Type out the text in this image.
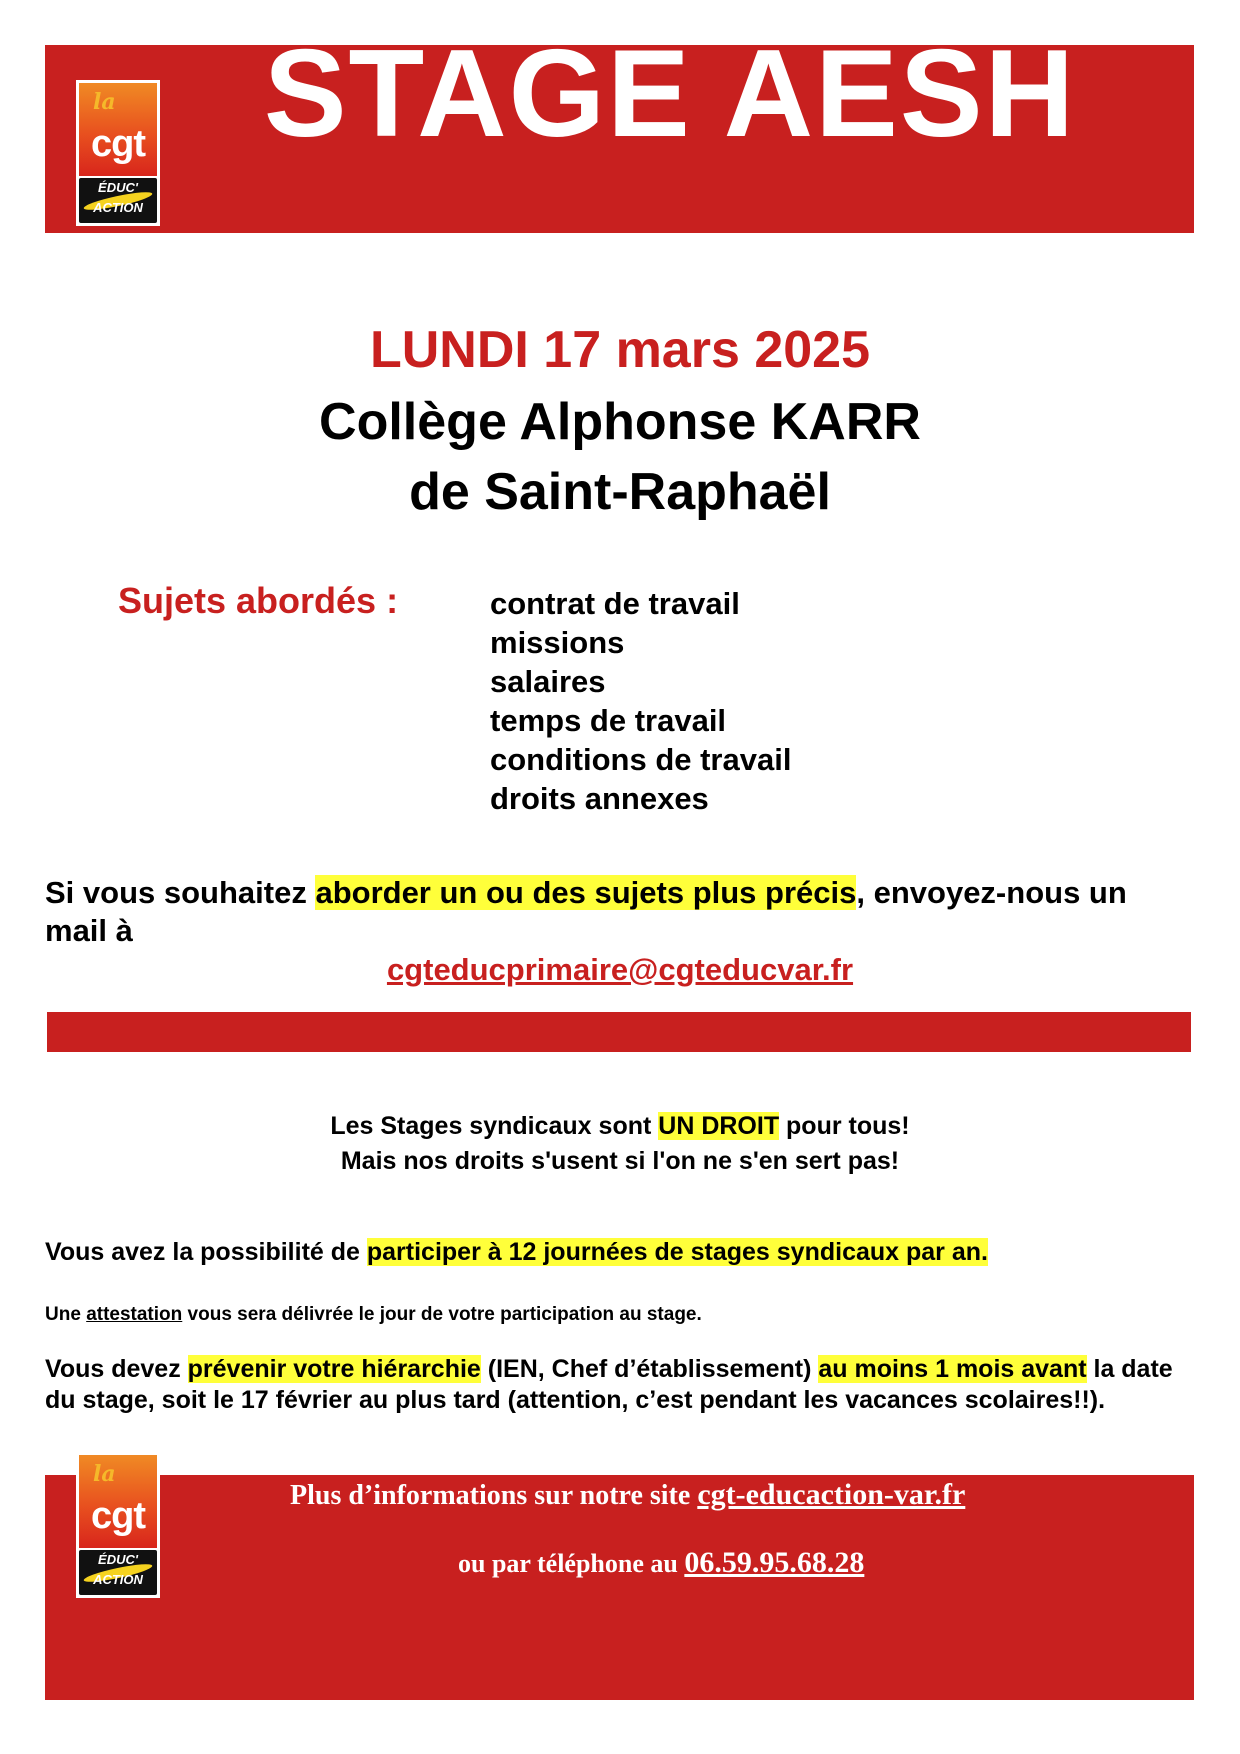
la
cgt
ÉDUC'
ACTION
STAGE AESH
LUNDI 17 mars 2025
Collège Alphonse KARR
de Saint-Raphaël
Sujets abordés :	contrat de travail
missions
salaires
temps de travail
conditions de travail
droits annexes
Si vous souhaitez aborder un ou des sujets plus précis, envoyez-nous un mail à
cgteducprimaire@cgteducvar.fr
Les Stages syndicaux sont UN DROIT pour tous!
Mais nos droits s'usent si l'on ne s'en sert pas!
Vous avez la possibilité de participer à 12 journées de stages syndicaux par an.
Une attestation vous sera délivrée le jour de votre participation au stage.
Vous devez prévenir votre hiérarchie (IEN, Chef d’établissement) au moins 1 mois avant la date du stage, soit le 17 février au plus tard (attention, c’est pendant les vacances scolaires!!).
la
cgt
ÉDUC'
ACTION
Plus d’informations sur notre site cgt-educaction-var.fr
ou par téléphone au 06.59.95.68.28
